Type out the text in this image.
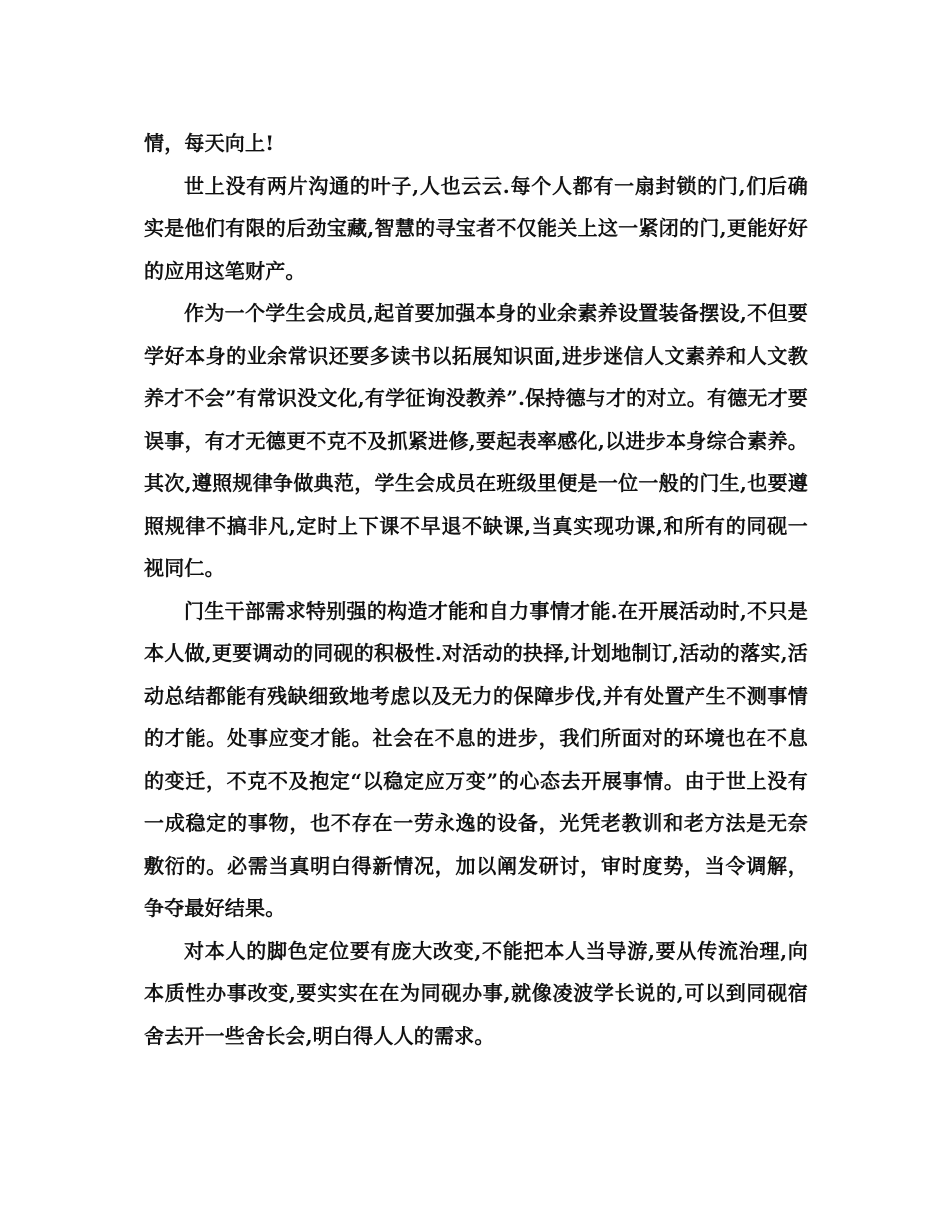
情，每天向上!

世上没有两片沟通的叶子,人也云云.每个人都有一扇封锁的门,们后确实是他们有限的后劲宝藏,智慧的寻宝者不仅能关上这一紧闭的门,更能好好的应用这笔财产。

作为一个学生会成员,起首要加强本身的业余素养设置装备摆设,不但要学好本身的业余常识还要多读书以拓展知识面,进步迷信人文素养和人文教养才不会”有常识没文化,有学征询没教养”.保持德与才的对立。有德无才要误事，有才无德更不克不及抓紧进修,要起表率感化,以进步本身综合素养。其次,遵照规律争做典范，学生会成员在班级里便是一位一般的门生,也要遵照规律不搞非凡,定时上下课不早退不缺课,当真实现功课,和所有的同砚一视同仁。

门生干部需求特别强的构造才能和自力事情才能.在开展活动时,不只是本人做,更要调动的同砚的积极性.对活动的抉择,计划地制订,活动的落实,活动总结都能有残缺细致地考虑以及无力的保障步伐,并有处置产生不测事情的才能。处事应变才能。社会在不息的进步，我们所面对的环境也在不息的变迁，不克不及抱定“以稳定应万变”的心态去开展事情。由于世上没有一成稳定的事物，也不存在一劳永逸的设备，光凭老教训和老方法是无奈敷衍的。必需当真明白得新情况，加以阐发研讨，审时度势，当令调解，争夺最好结果。

对本人的脚色定位要有庞大改变,不能把本人当导游,要从传流治理,向本质性办事改变,要实实在在为同砚办事,就像凌波学长说的,可以到同砚宿舍去开一些舍长会,明白得人人的需求。
